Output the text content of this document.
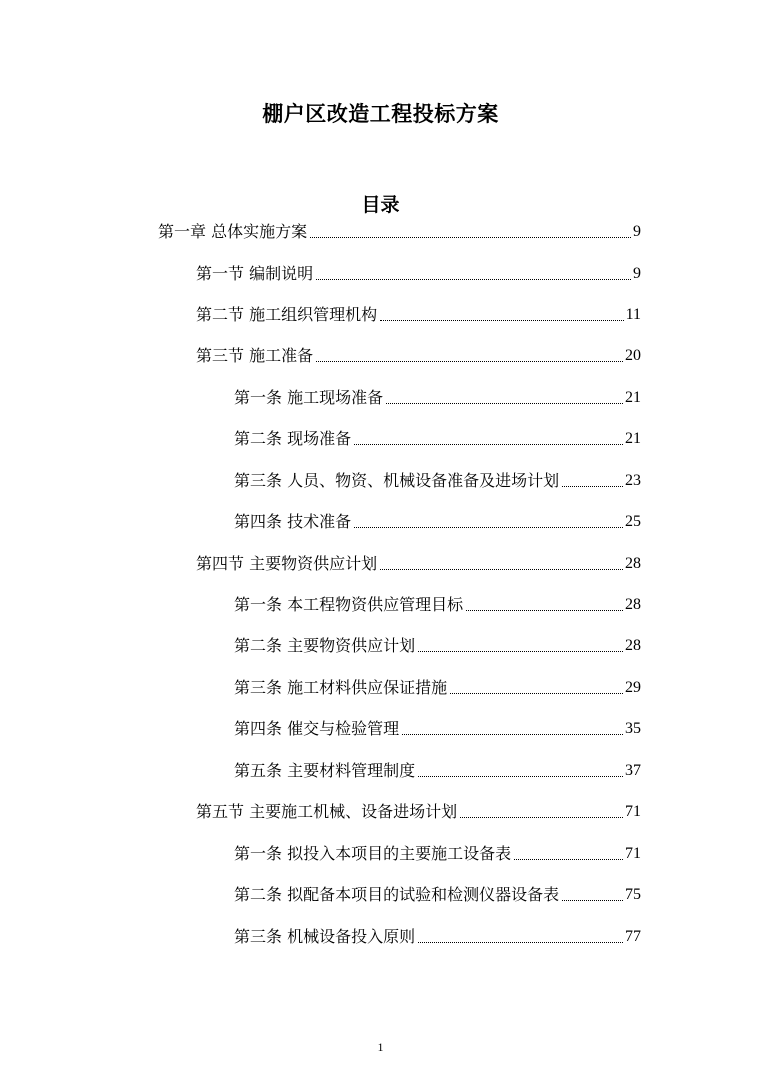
棚户区改造工程投标方案
目录
第一章 总体实施方案	9
第一节 编制说明	9
第二节 施工组织管理机构	11
第三节 施工准备	20
第一条 施工现场准备	21
第二条 现场准备	21
第三条 人员、物资、机械设备准备及进场计划	23
第四条 技术准备	25
第四节 主要物资供应计划	28
第一条 本工程物资供应管理目标	28
第二条 主要物资供应计划	28
第三条 施工材料供应保证措施	29
第四条 催交与检验管理	35
第五条 主要材料管理制度	37
第五节 主要施工机械、设备进场计划	71
第一条 拟投入本项目的主要施工设备表	71
第二条 拟配备本项目的试验和检测仪器设备表	75
第三条 机械设备投入原则	77
1
